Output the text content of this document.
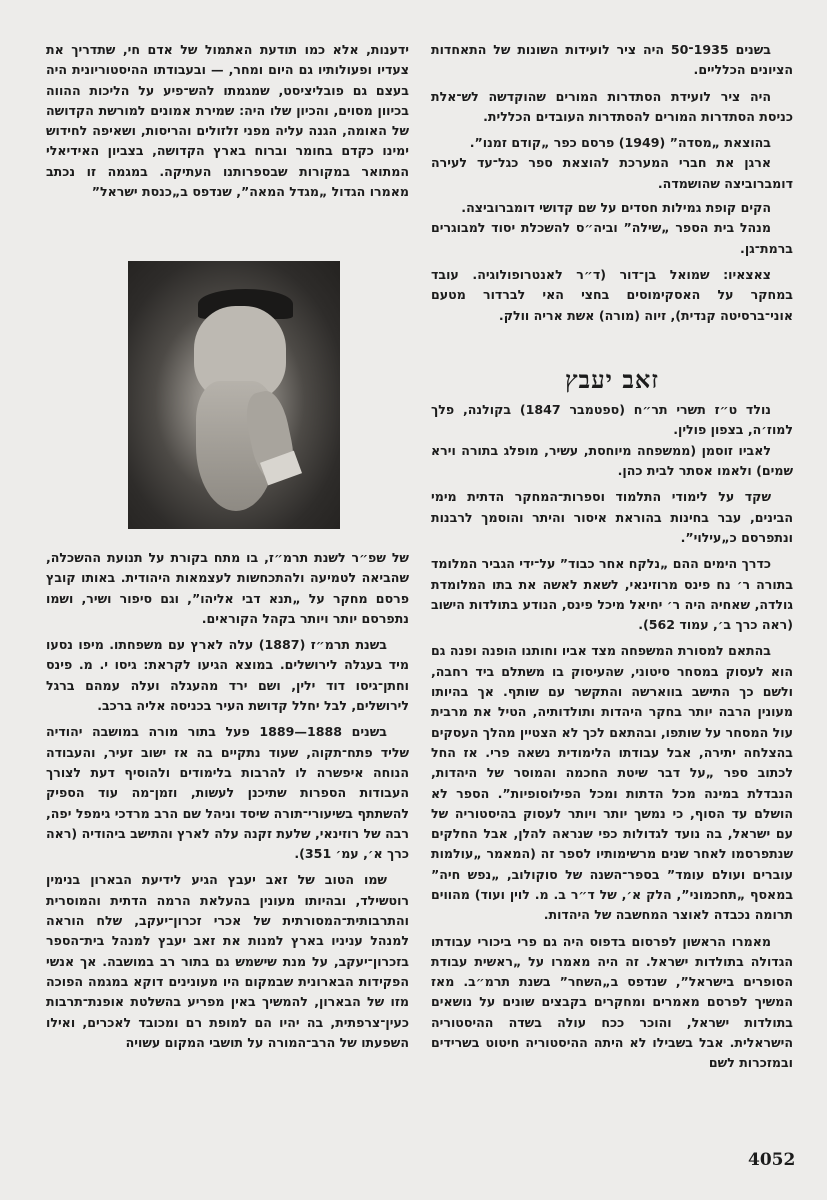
בשנים 1935־50 היה ציר לועידות השונות של התאחדות הציונים הכלליים.

היה ציר לועידת הסתדרות המורים שהוקדשה לש־אלת כניסת הסתדרות המורים להסתדרות העובדים הכללית.

בהוצאת „מסדה” (1949) פרסם כפר „קודם זמנו”.

ארגן את חברי המערכת להוצאת ספר כגל־עד לעירה דומברוביצה שהושמדה.

הקים קופת גמילות חסדים על שם קדושי דומברוביצה.

מנהל בית הספר „שילה” וביה״ס להשכלת יסוד למבוגרים ברמת־גן.

צאצאיו: שמואל בן־דור (ד״ר לאנטרופולוגיה. עובד במחקר על האסקימוסים בחצי האי לברדור מטעם אוני־ברסיטה קנדית), זיוה (מורה) אשת אריה וולק.

זאב יעבץ

נולד ט״ז תשרי תר״ח (ספטמבר 1847) בקולנה, פלך למוז׳ה, בצפון פולין.

לאביו זוסמן (ממשפחה מיוחסת, עשיר, מופלג בתורה וירא שמים) ולאמו אסתר לבית כהן.

שקד על לימודי התלמוד וספרות־המחקר הדתית מימי הבינים, עבר בחינות בהוראת איסור והיתר והוסמך לרבנות ונתפרסם כ„עילוי”.

כדרך הימים ההם „נלקח אחר כבוד” על־ידי הגביר המלומד בתורה ר׳ נח פינס מרוזינאי, לשאת לאשה את בתו המלומדת גולדה, שאחיה היה ר׳ יחיאל מיכל פינס, הנודע בתולדות הישוב (ראה כרך ב׳, עמוד 562).

בהתאם למסורת המשפחה מצד אביו וחותנו הופנה ופנה גם הוא לעסוק במסחר סיטוני, שהעיסוק בו משתלם ביד רחבה, ולשם כך התישב בווארשה והתקשר עם שותף. אך בהיותו מעונין הרבה יותר בחקר היהדות ותולדותיה, הטיל את מרבית עול המסחר על שותפו, ובהתאם לכך לא הצטיין מהלך העסקים בהצלחה יתירה, אבל עבודתו הלימודית נשאה פרי. אז החל לכתוב ספר „על דבר שיטת החכמה והמוסר של היהדות, הנבדלת במינה מכל הדתות ומכל הפילוסופיות”. הספר לא הושלם עד הסוף, כי נמשך יותר ויותר לעסוק בהיסטוריה של עם ישראל, בה נועד לגדולות כפי שנראה להלן, אבל החלקים שנתפרסמו לאחר שנים מרשימותיו לספר זה (המאמר „עולמות עוברים ועולם עומד” בספר־השנה של סוקולוב, „נפש חיה” במאסף „תחכמוני”, הלק א׳, של ד״ר ב. מ. לוין ועוד) מהווים תרומה נכבדה לאוצר המחשבה של היהדות.

מאמרו הראשון לפרסום בדפוס היה גם פרי ביכורי עבודתו הגדולה בתולדות ישראל. זה היה מאמרו על „ראשית עבודת הסופרים בישראל”, שנדפס ב„השחר” בשנת תרמ״ב. מאז המשיך לפרסם מאמרים ומחקרים בקבצים שונים על נושאים בתולדות ישראל, והוכר ככח עולה בשדה ההיסטוריה הישראלית. אבל בשבילו לא היתה ההיסטוריה חיטוט בשרידים ובמזכרות לשם

ידענות, אלא כמו תודעת האתמול של אדם חי, שתדריך את צעדיו ופעולותיו גם היום ומחר, — ובעבודתו ההיסטוריונית היה בעצם גם פובליציסט, שמגמתו להש־פיע על הליכות ההווה בכיוון מסוים, והכיון שלו היה: שמירת אמונים למורשת הקדושה של האומה, הגנה עליה מפני זלזולים והריסות, ושאיפה לחידוש ימינו כקדם בחומר וברוח בארץ הקדושה, בצביון האידיאלי המתואר במקורות שבספרותנו העתיקה. במגמה זו נכתב מאמרו הגדול „מגדל המאה”, שנדפס ב„כנסת ישראל”

של שפ״ר לשנת תרמ״ז, בו מתח בקורת על תנועת ההשכלה, שהביאה לטמיעה ולהתכחשות לעצמאות היהודית. באותו קובץ פרסם מחקר על „תנא דבי אליהו”, וגם סיפור ושיר, ושמו נתפרסם יותר ויותר בקהל הקוראים.

בשנת תרמ״ז (1887) עלה לארץ עם משפחתו. מיפו נסעו מיד בעגלה לירושלים. במוצא הגיעו לקראת: גיסו י. מ. פינס וחתן־גיסו דוד ילין, ושם ירד מהעגלה ועלה עמהם ברגל לירושלים, לבל יחלל קדושת העיר בכניסה אליה ברכב.

בשנים 1888—1889 פעל בתור מורה במושבה יהודיה שליד פתח־תקוה, שעוד נתקיים בה אז ישוב זעיר, והעבודה הנוחה איפשרה לו להרבות בלימודים ולהוסיף דעת לצורך העבודות הספרות שתיכנן לעשות, וזמן־מה עוד הספיק להשתתף בשיעורי־תורה שיסד וניהל שם הרב מרדכי גימפל יפה, רבה של רוזינאי, שלעת זקנה עלה לארץ והתישב ביהודיה (ראה כרך א׳, עמ׳ 351).

שמו הטוב של זאב יעבץ הגיע לידיעת הבארון בנימין רוטשילד, ובהיותו מעונין בהעלאת הרמה הדתית והמוסרית והתרבותית־המסורתית של אכרי זכרון־יעקב, שלח הוראה למנהל עניניו בארץ למנות את זאב יעבץ למנהל בית־הספר בזכרון־יעקב, על מנת שישמש גם בתור רב במושבה. אך אנשי הפקידות הבארונית שבמקום היו מעונינים דוקא במגמה הפוכה מזו של הבארון, להמשיך באין מפריע בהשלטת אופנת־תרבות כעין־צרפתית, בה יהיו הם למופת רם ומכובד לאכרים, ואילו השפעתו של הרב־המורה על תושבי המקום עשויה

4052
